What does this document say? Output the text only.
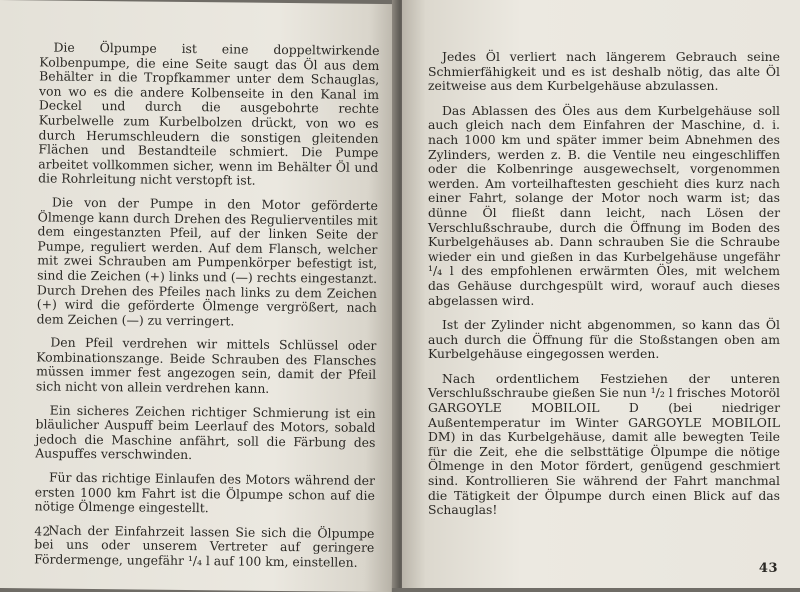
Die Ölpumpe ist eine doppeltwirkende Kolbenpumpe, die eine Seite saugt das Öl aus dem Behälter in die Tropfkammer unter dem Schauglas, von wo es die andere Kolbenseite in den Kanal im Deckel und durch die ausgebohrte rechte Kurbelwelle zum Kurbelbolzen drückt, von wo es durch Herumschleudern die sonstigen gleitenden Flächen und Bestandteile schmiert. Die Pumpe arbeitet vollkommen sicher, wenn im Behälter Öl und die Rohrleitung nicht verstopft ist.

Die von der Pumpe in den Motor geförderte Ölmenge kann durch Drehen des Regulierventiles mit dem eingestanzten Pfeil, auf der linken Seite der Pumpe, reguliert werden. Auf dem Flansch, welcher mit zwei Schrauben am Pumpenkörper befestigt ist, sind die Zeichen (+) links und (—) rechts eingestanzt. Durch Drehen des Pfeiles nach links zu dem Zeichen (+) wird die geförderte Ölmenge vergrößert, nach dem Zeichen (—) zu verringert.

Den Pfeil verdrehen wir mittels Schlüssel oder Kombinationszange. Beide Schrauben des Flansches müssen immer fest angezogen sein, damit der Pfeil sich nicht von allein verdrehen kann.

Ein sicheres Zeichen richtiger Schmierung ist ein bläulicher Auspuff beim Leerlauf des Motors, sobald jedoch die Maschine anfährt, soll die Färbung des Auspuffes verschwinden.

Für das richtige Einlaufen des Motors während der ersten 1000 km Fahrt ist die Ölpumpe schon auf die nötige Ölmenge eingestellt.

Nach der Einfahrzeit lassen Sie sich die Ölpumpe bei uns oder unserem Vertreter auf geringere Fördermenge, ungefähr ¹/₄ l auf 100 km, einstellen.

42

Jedes Öl verliert nach längerem Gebrauch seine Schmierfähigkeit und es ist deshalb nötig, das alte Öl zeitweise aus dem Kurbelgehäuse abzulassen.

Das Ablassen des Öles aus dem Kurbelgehäuse soll auch gleich nach dem Einfahren der Maschine, d. i. nach 1000 km und später immer beim Abnehmen des Zylinders, werden z. B. die Ventile neu eingeschliffen oder die Kolbenringe ausgewechselt, vorgenommen werden. Am vorteilhaftesten geschieht dies kurz nach einer Fahrt, solange der Motor noch warm ist; das dünne Öl fließt dann leicht, nach Lösen der Verschlußschraube, durch die Öffnung im Boden des Kurbelgehäuses ab. Dann schrauben Sie die Schraube wieder ein und gießen in das Kurbelgehäuse ungefähr ¹/₄ l des empfohlenen erwärmten Öles, mit welchem das Gehäuse durchgespült wird, worauf auch dieses abgelassen wird.

Ist der Zylinder nicht abgenommen, so kann das Öl auch durch die Öffnung für die Stoßstangen oben am Kurbelgehäuse eingegossen werden.

Nach ordentlichem Festziehen der unteren Verschlußschraube gießen Sie nun ¹/₂ l frisches Motoröl GARGOYLE MOBILOIL D (bei niedriger Außentemperatur im Winter GARGOYLE MOBILOIL DM) in das Kurbelgehäuse, damit alle bewegten Teile für die Zeit, ehe die selbsttätige Ölpumpe die nötige Ölmenge in den Motor fördert, genügend geschmiert sind. Kontrollieren Sie während der Fahrt manchmal die Tätigkeit der Ölpumpe durch einen Blick auf das Schauglas!

43
